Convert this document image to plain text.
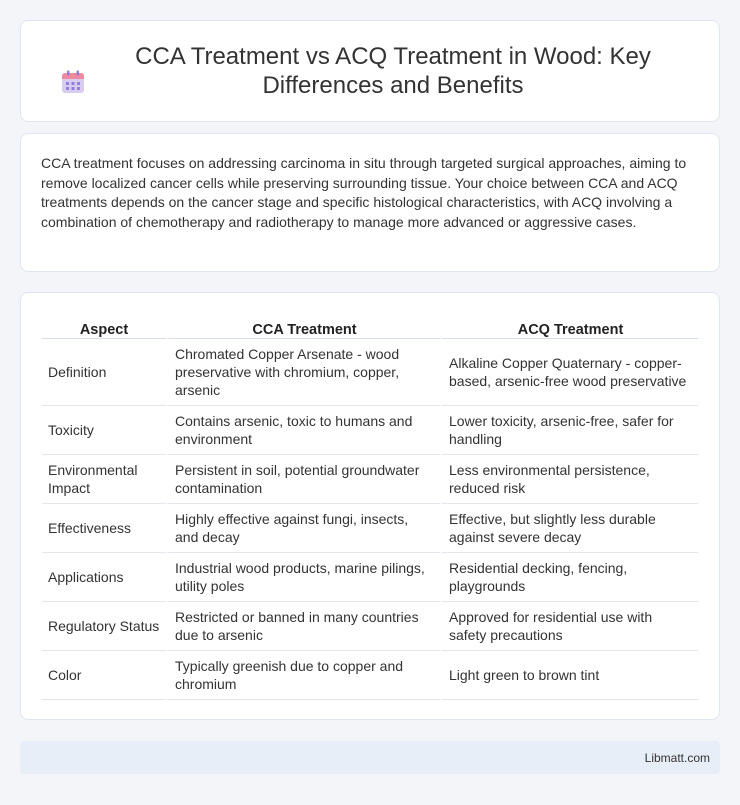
CCA Treatment vs ACQ Treatment in Wood: Key Differences and Benefits

CCA treatment focuses on addressing carcinoma in situ through targeted surgical approaches, aiming to remove localized cancer cells while preserving surrounding tissue. Your choice between CCA and ACQ treatments depends on the cancer stage and specific histological characteristics, with ACQ involving a combination of chemotherapy and radiotherapy to manage more advanced or aggressive cases.

Aspect	CCA Treatment	ACQ Treatment
Definition	Chromated Copper Arsenate - wood preservative with chromium, copper, arsenic	Alkaline Copper Quaternary - copper-based, arsenic-free wood preservative
Toxicity	Contains arsenic, toxic to humans and environment	Lower toxicity, arsenic-free, safer for handling
Environmental Impact	Persistent in soil, potential groundwater contamination	Less environmental persistence, reduced risk
Effectiveness	Highly effective against fungi, insects, and decay	Effective, but slightly less durable against severe decay
Applications	Industrial wood products, marine pilings, utility poles	Residential decking, fencing, playgrounds
Regulatory Status	Restricted or banned in many countries due to arsenic	Approved for residential use with safety precautions
Color	Typically greenish due to copper and chromium	Light green to brown tint
Libmatt.com
